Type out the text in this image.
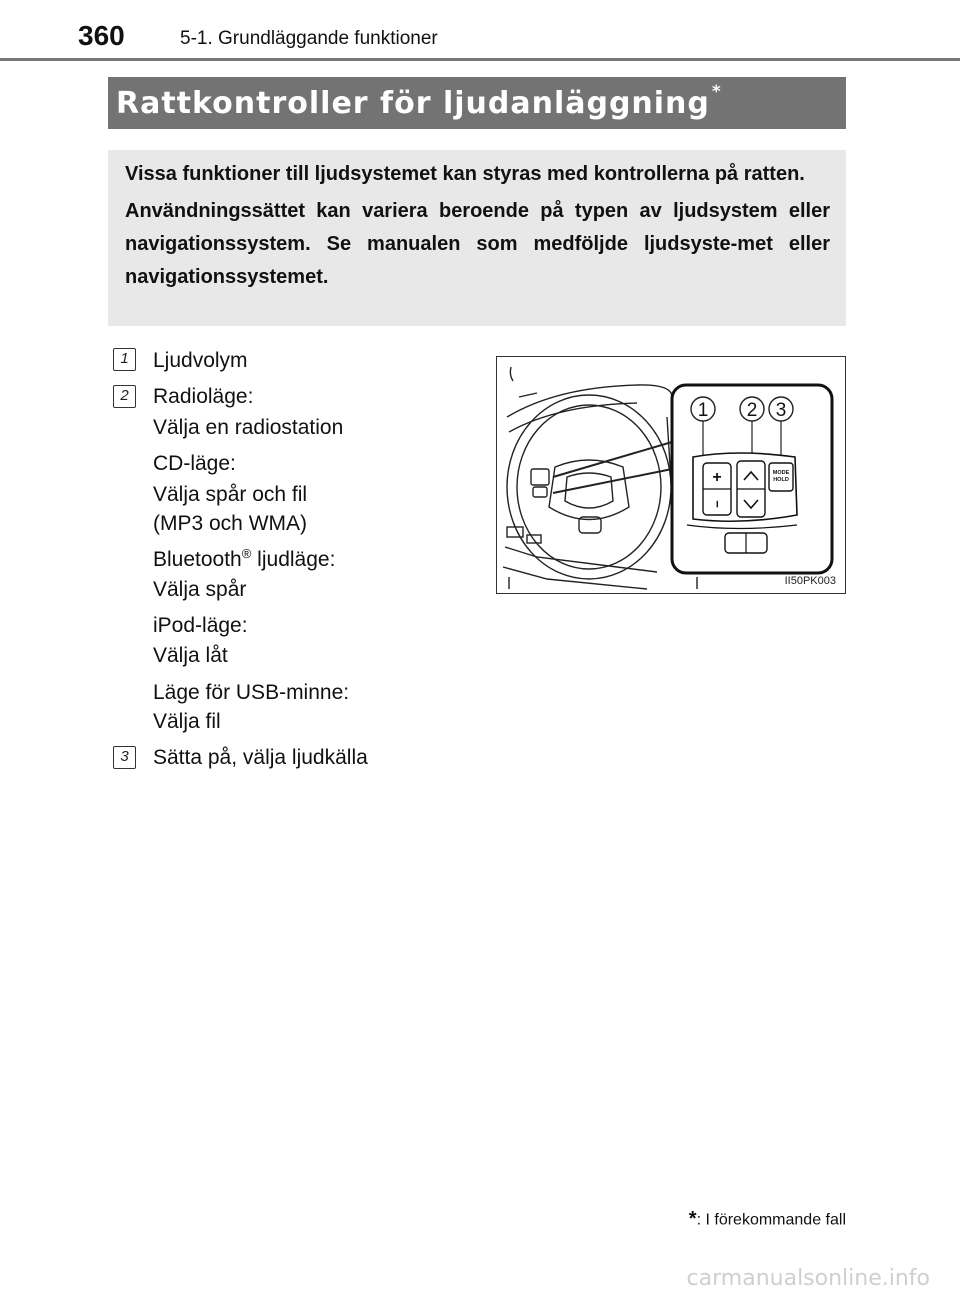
360	5-1. Grundläggande funktioner
Rattkontroller för ljudanläggning *

Vissa funktioner till ljudsystemet kan styras med kontrollerna på ratten.

Användningssättet kan variera beroende på typen av ljudsystem eller navigationssystem. Se manualen som medföljde ljudsyste-met eller navigationssystemet.

1	Ljudvolym
2	Radioläge:
Välja en radiostation
CD-läge:
Välja spår och fil
(MP3 och WMA)
Bluetooth® ljudläge:
Välja spår
iPod-läge:
Välja låt
Läge för USB-minne:
Välja fil
3	Sätta på, välja ljudkälla
1 2 3
+
−
MODE
HOLD
II50PK003
*: I förekommande fall
carmanualsonline.info
